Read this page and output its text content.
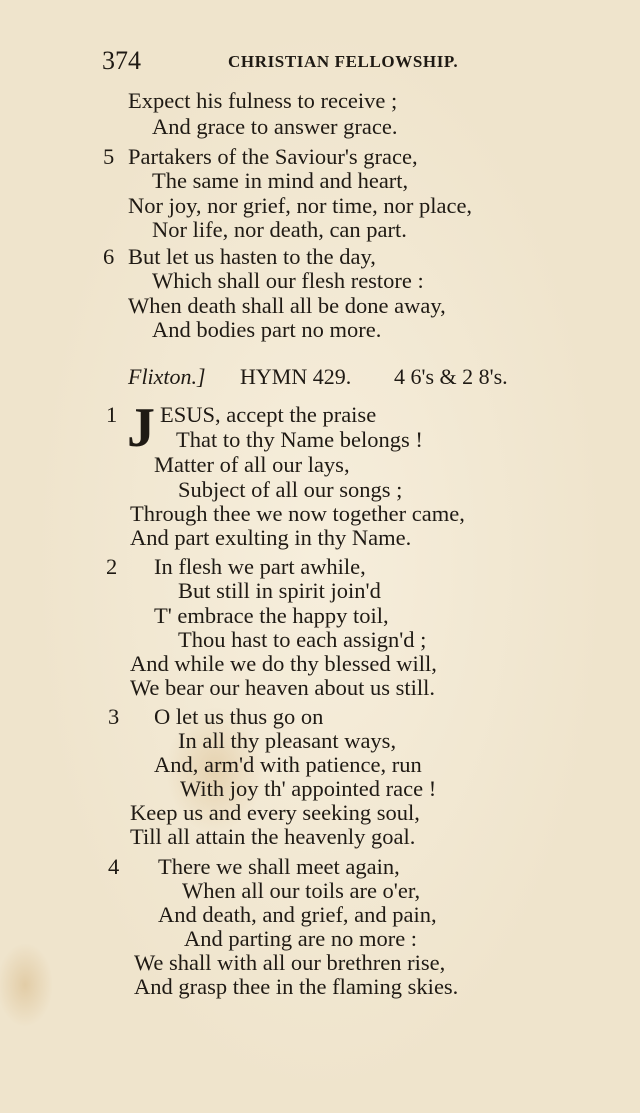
374	CHRISTIAN FELLOWSHIP.
Expect his fulness to receive ;
And grace to answer grace.
5 Partakers of the Saviour's grace,
The same in mind and heart,
Nor joy, nor grief, nor time, nor place,
Nor life, nor death, can part.
6 But let us hasten to the day,
Which shall our flesh restore :
When death shall all be done away,
And bodies part no more.
Flixton.] HYMN 429. 4 6's & 2 8's.
1 J ESUS, accept the praise
That to thy Name belongs !
Matter of all our lays,
Subject of all our songs ;
Through thee we now together came,
And part exulting in thy Name.
2 In flesh we part awhile,
But still in spirit join'd
T' embrace the happy toil,
Thou hast to each assign'd ;
And while we do thy blessed will,
We bear our heaven about us still.
3 O let us thus go on
In all thy pleasant ways,
And, arm'd with patience, run
With joy th' appointed race !
Keep us and every seeking soul,
Till all attain the heavenly goal.
4 There we shall meet again,
When all our toils are o'er,
And death, and grief, and pain,
And parting are no more :
We shall with all our brethren rise,
And grasp thee in the flaming skies.
